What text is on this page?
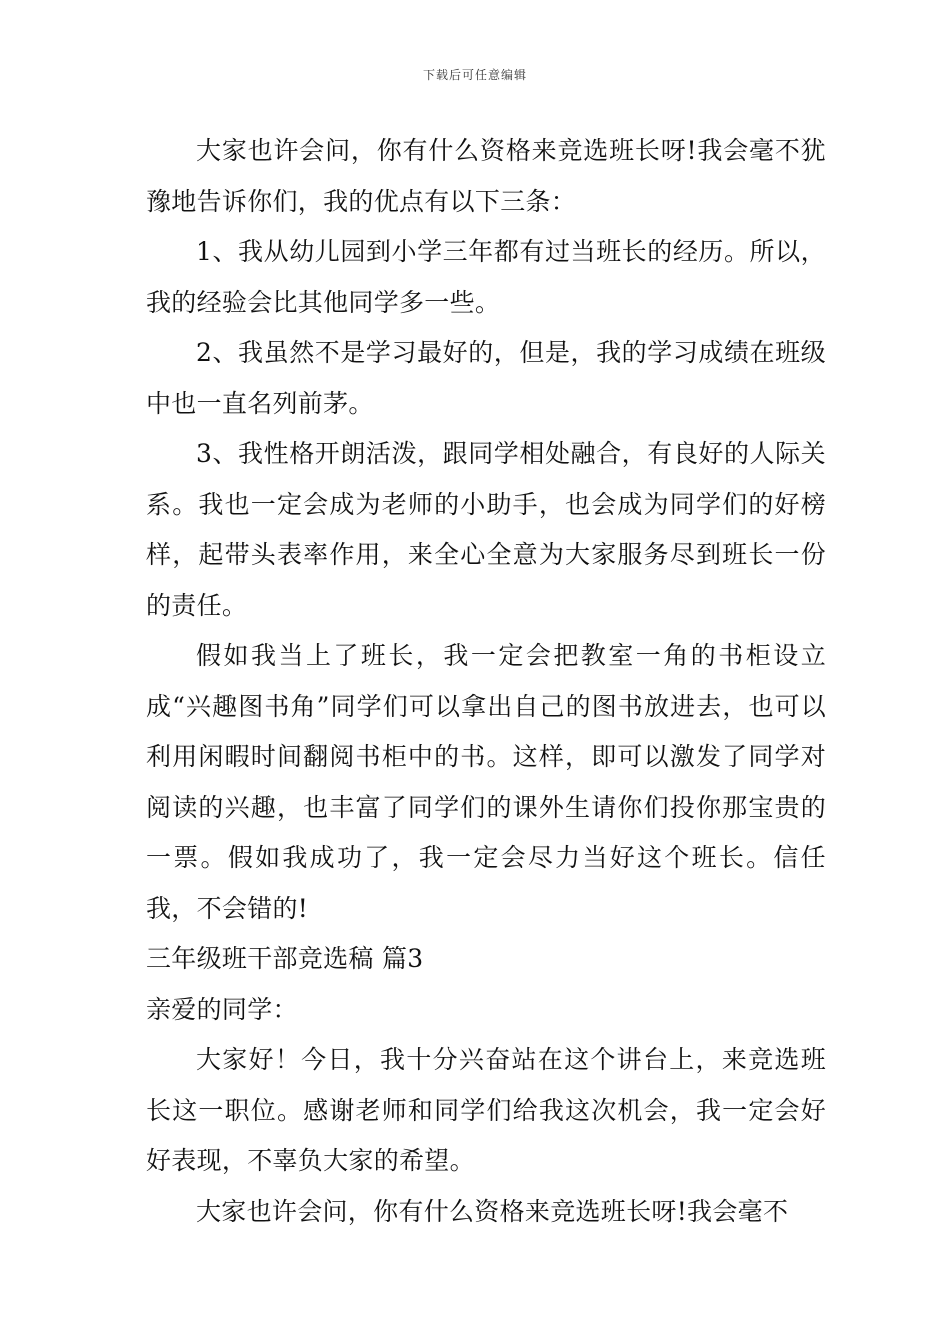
下载后可任意编辑

大家也许会问，你有什么资格来竞选班长呀!我会毫不犹豫地告诉你们，我的优点有以下三条：

1、我从幼儿园到小学三年都有过当班长的经历。所以，我的经验会比其他同学多一些。

2、我虽然不是学习最好的，但是，我的学习成绩在班级中也一直名列前茅。

3、我性格开朗活泼，跟同学相处融合，有良好的人际关系。我也一定会成为老师的小助手，也会成为同学们的好榜样，起带头表率作用，来全心全意为大家服务尽到班长一份的责任。

假如我当上了班长，我一定会把教室一角的书柜设立成“兴趣图书角”同学们可以拿出自己的图书放进去，也可以利用闲暇时间翻阅书柜中的书。这样，即可以激发了同学对阅读的兴趣，也丰富了同学们的课外生请你们投你那宝贵的一票。假如我成功了，我一定会尽力当好这个班长。信任我，不会错的!

三年级班干部竞选稿 篇3

亲爱的同学：

大家好！今日，我十分兴奋站在这个讲台上，来竞选班长这一职位。感谢老师和同学们给我这次机会，我一定会好好表现，不辜负大家的希望。

大家也许会问，你有什么资格来竞选班长呀!我会毫不
